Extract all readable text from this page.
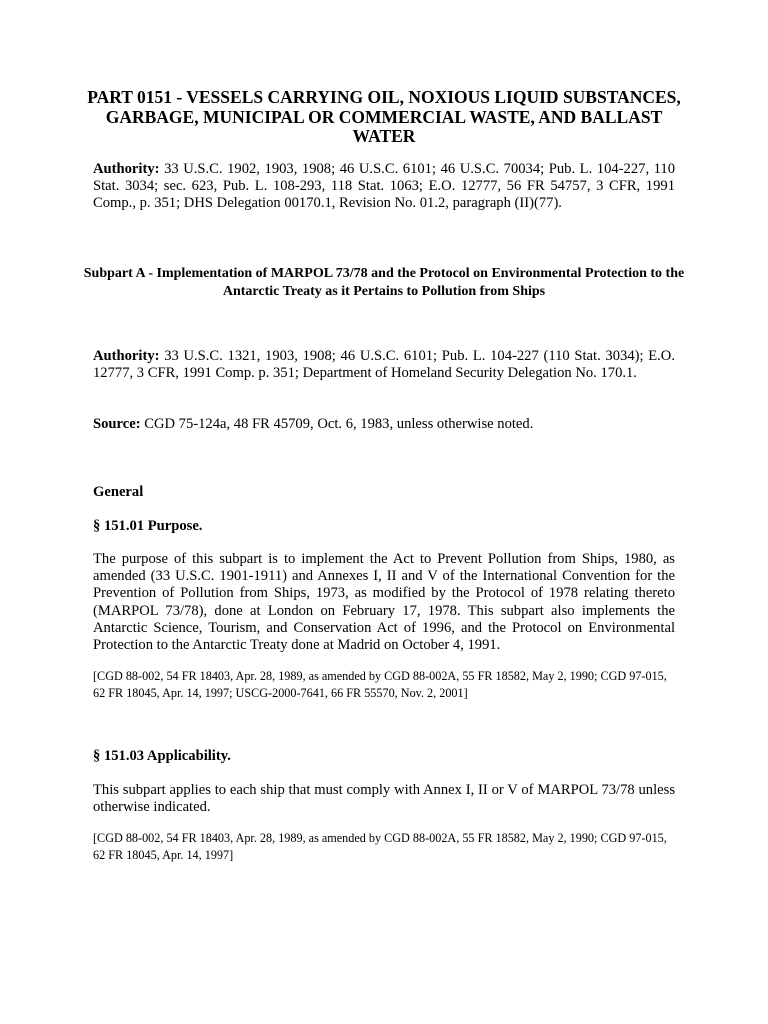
PART 0151 - VESSELS CARRYING OIL, NOXIOUS LIQUID SUBSTANCES, GARBAGE, MUNICIPAL OR COMMERCIAL WASTE, AND BALLAST WATER

Authority: 33 U.S.C. 1902, 1903, 1908; 46 U.S.C. 6101; 46 U.S.C. 70034; Pub. L. 104-227, 110 Stat. 3034; sec. 623, Pub. L. 108-293, 118 Stat. 1063; E.O. 12777, 56 FR 54757, 3 CFR, 1991 Comp., p. 351; DHS Delegation 00170.1, Revision No. 01.2, paragraph (II)(77).

Subpart A - Implementation of MARPOL 73/78 and the Protocol on Environmental Protection to the Antarctic Treaty as it Pertains to Pollution from Ships

Authority: 33 U.S.C. 1321, 1903, 1908; 46 U.S.C. 6101; Pub. L. 104-227 (110 Stat. 3034); E.O. 12777, 3 CFR, 1991 Comp. p. 351; Department of Homeland Security Delegation No. 170.1.

Source: CGD 75-124a, 48 FR 45709, Oct. 6, 1983, unless otherwise noted.

General

§ 151.01 Purpose.

The purpose of this subpart is to implement the Act to Prevent Pollution from Ships, 1980, as amended (33 U.S.C. 1901-1911) and Annexes I, II and V of the International Convention for the Prevention of Pollution from Ships, 1973, as modified by the Protocol of 1978 relating thereto (MARPOL 73/78), done at London on February 17, 1978. This subpart also implements the Antarctic Science, Tourism, and Conservation Act of 1996, and the Protocol on Environmental Protection to the Antarctic Treaty done at Madrid on October 4, 1991.

[CGD 88-002, 54 FR 18403, Apr. 28, 1989, as amended by CGD 88-002A, 55 FR 18582, May 2, 1990; CGD 97-015, 62 FR 18045, Apr. 14, 1997; USCG-2000-7641, 66 FR 55570, Nov. 2, 2001]

§ 151.03 Applicability.

This subpart applies to each ship that must comply with Annex I, II or V of MARPOL 73/78 unless otherwise indicated.

[CGD 88-002, 54 FR 18403, Apr. 28, 1989, as amended by CGD 88-002A, 55 FR 18582, May 2, 1990; CGD 97-015, 62 FR 18045, Apr. 14, 1997]
